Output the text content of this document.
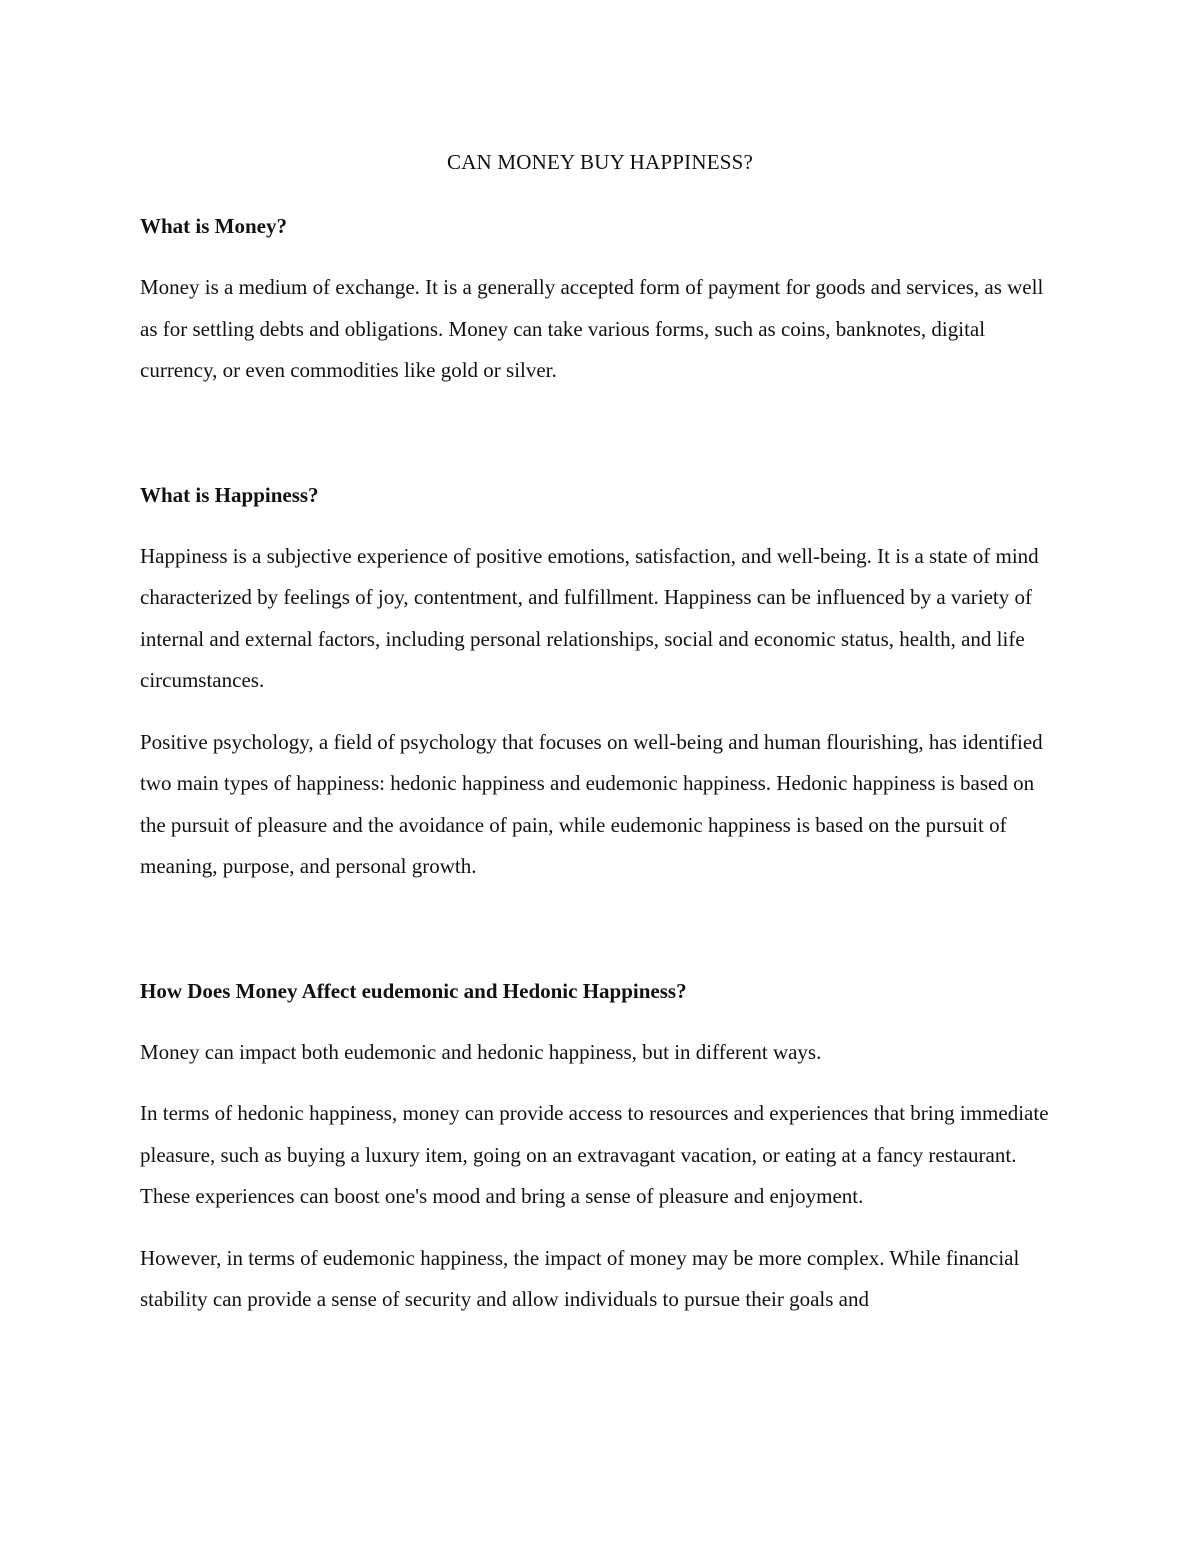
CAN MONEY BUY HAPPINESS?
What is Money?

Money is a medium of exchange. It is a generally accepted form of payment for goods and services, as well as for settling debts and obligations. Money can take various forms, such as coins, banknotes, digital currency, or even commodities like gold or silver.

What is Happiness?

Happiness is a subjective experience of positive emotions, satisfaction, and well-being. It is a state of mind characterized by feelings of joy, contentment, and fulfillment. Happiness can be influenced by a variety of internal and external factors, including personal relationships, social and economic status, health, and life circumstances.

Positive psychology, a field of psychology that focuses on well-being and human flourishing, has identified two main types of happiness: hedonic happiness and eudemonic happiness. Hedonic happiness is based on the pursuit of pleasure and the avoidance of pain, while eudemonic happiness is based on the pursuit of meaning, purpose, and personal growth.

How Does Money Affect eudemonic and Hedonic Happiness?

Money can impact both eudemonic and hedonic happiness, but in different ways.

In terms of hedonic happiness, money can provide access to resources and experiences that bring immediate pleasure, such as buying a luxury item, going on an extravagant vacation, or eating at a fancy restaurant. These experiences can boost one's mood and bring a sense of pleasure and enjoyment.

However, in terms of eudemonic happiness, the impact of money may be more complex. While financial stability can provide a sense of security and allow individuals to pursue their goals and
